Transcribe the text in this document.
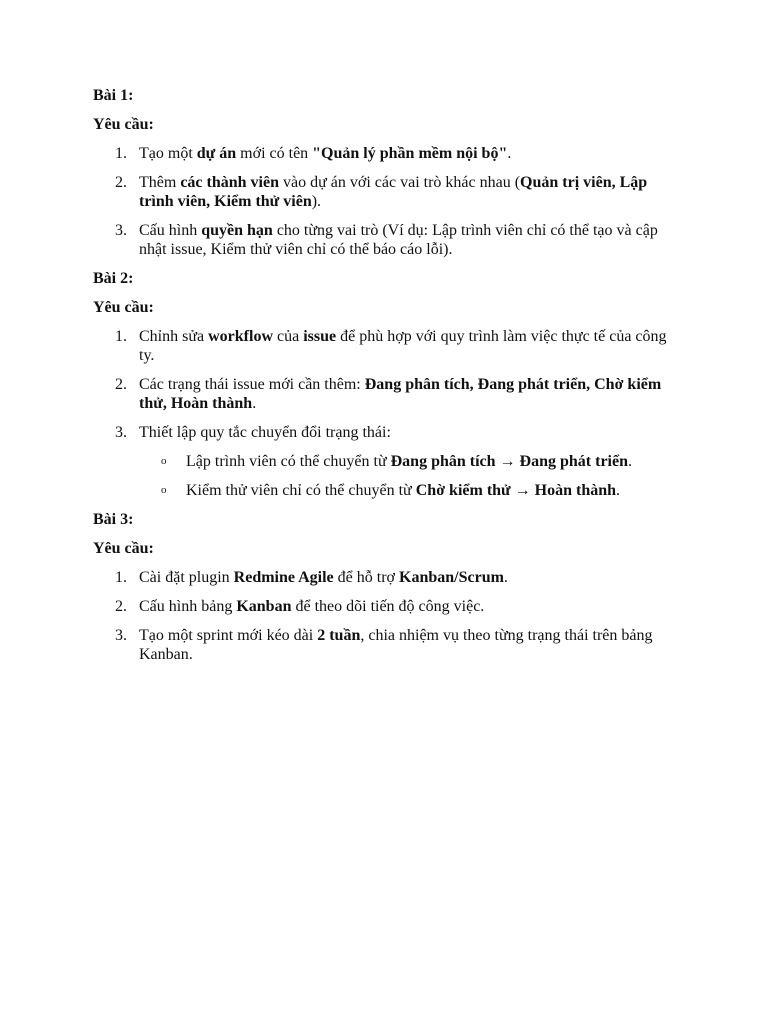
Bài 1:
Yêu cầu:
1. Tạo một dự án mới có tên "Quản lý phần mềm nội bộ".
2. Thêm các thành viên vào dự án với các vai trò khác nhau (Quản trị viên, Lập trình viên, Kiểm thử viên).
3. Cấu hình quyền hạn cho từng vai trò (Ví dụ: Lập trình viên chỉ có thể tạo và cập nhật issue, Kiểm thử viên chỉ có thể báo cáo lỗi).
Bài 2:
Yêu cầu:
1. Chỉnh sửa workflow của issue để phù hợp với quy trình làm việc thực tế của công ty.
2. Các trạng thái issue mới cần thêm: Đang phân tích, Đang phát triển, Chờ kiểm thử, Hoàn thành.
3. Thiết lập quy tắc chuyển đổi trạng thái:
o Lập trình viên có thể chuyển từ Đang phân tích → Đang phát triển.
o Kiểm thử viên chỉ có thể chuyển từ Chờ kiểm thử → Hoàn thành.
Bài 3:
Yêu cầu:
1. Cài đặt plugin Redmine Agile để hỗ trợ Kanban/Scrum.
2. Cấu hình bảng Kanban để theo dõi tiến độ công việc.
3. Tạo một sprint mới kéo dài 2 tuần, chia nhiệm vụ theo từng trạng thái trên bảng Kanban.
